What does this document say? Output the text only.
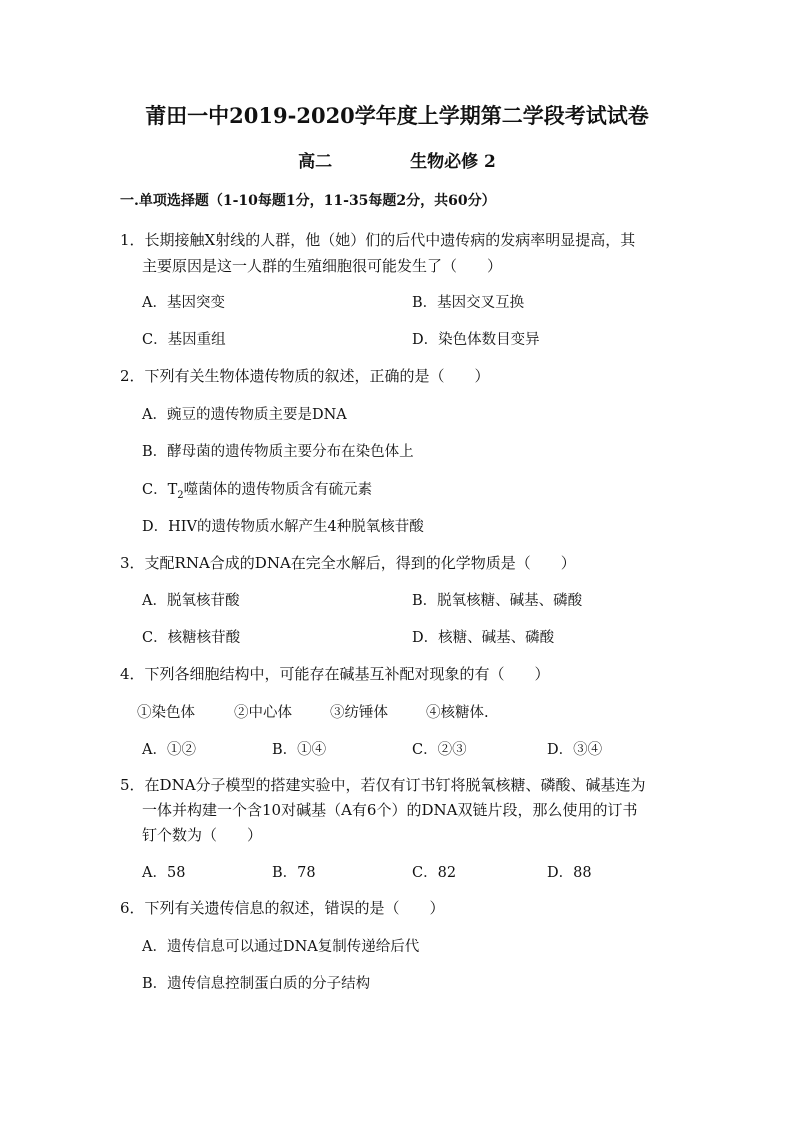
莆田一中2019-2020学年度上学期第二学段考试试卷
高二	生物必修 2
一.单项选择题（1-10每题1分，11-35每题2分，共60分）
1．长期接触X射线的人群，他（她）们的后代中遗传病的发病率明显提高，其
主要原因是这一人群的生殖细胞很可能发生了（　　）
A．基因突变	B．基因交叉互换
C．基因重组	D．染色体数目变异
2．下列有关生物体遗传物质的叙述，正确的是（　　）
A．豌豆的遗传物质主要是DNA
B．酵母菌的遗传物质主要分布在染色体上
C．$T_2$噬菌体的遗传物质含有硫元素
D．HIV的遗传物质水解产生4种脱氧核苷酸
3．支配RNA合成的DNA在完全水解后，得到的化学物质是（　　）
A．脱氧核苷酸	B．脱氧核糖、碱基、磷酸
C．核糖核苷酸	D．核糖、碱基、磷酸
4．下列各细胞结构中，可能存在碱基互补配对现象的有（　　）
①染色体	②中心体	③纺锤体	④核糖体.
A．①②	B．①④	C．②③	D．③④
5．在DNA分子模型的搭建实验中，若仅有订书钉将脱氧核糖、磷酸、碱基连为
一体并构建一个含10对碱基（A有6个）的DNA双链片段，那么使用的订书
钉个数为（　　）
A．58	B．78	C．82	D．88
6．下列有关遗传信息的叙述，错误的是（　　）
A．遗传信息可以通过DNA复制传递给后代
B．遗传信息控制蛋白质的分子结构
